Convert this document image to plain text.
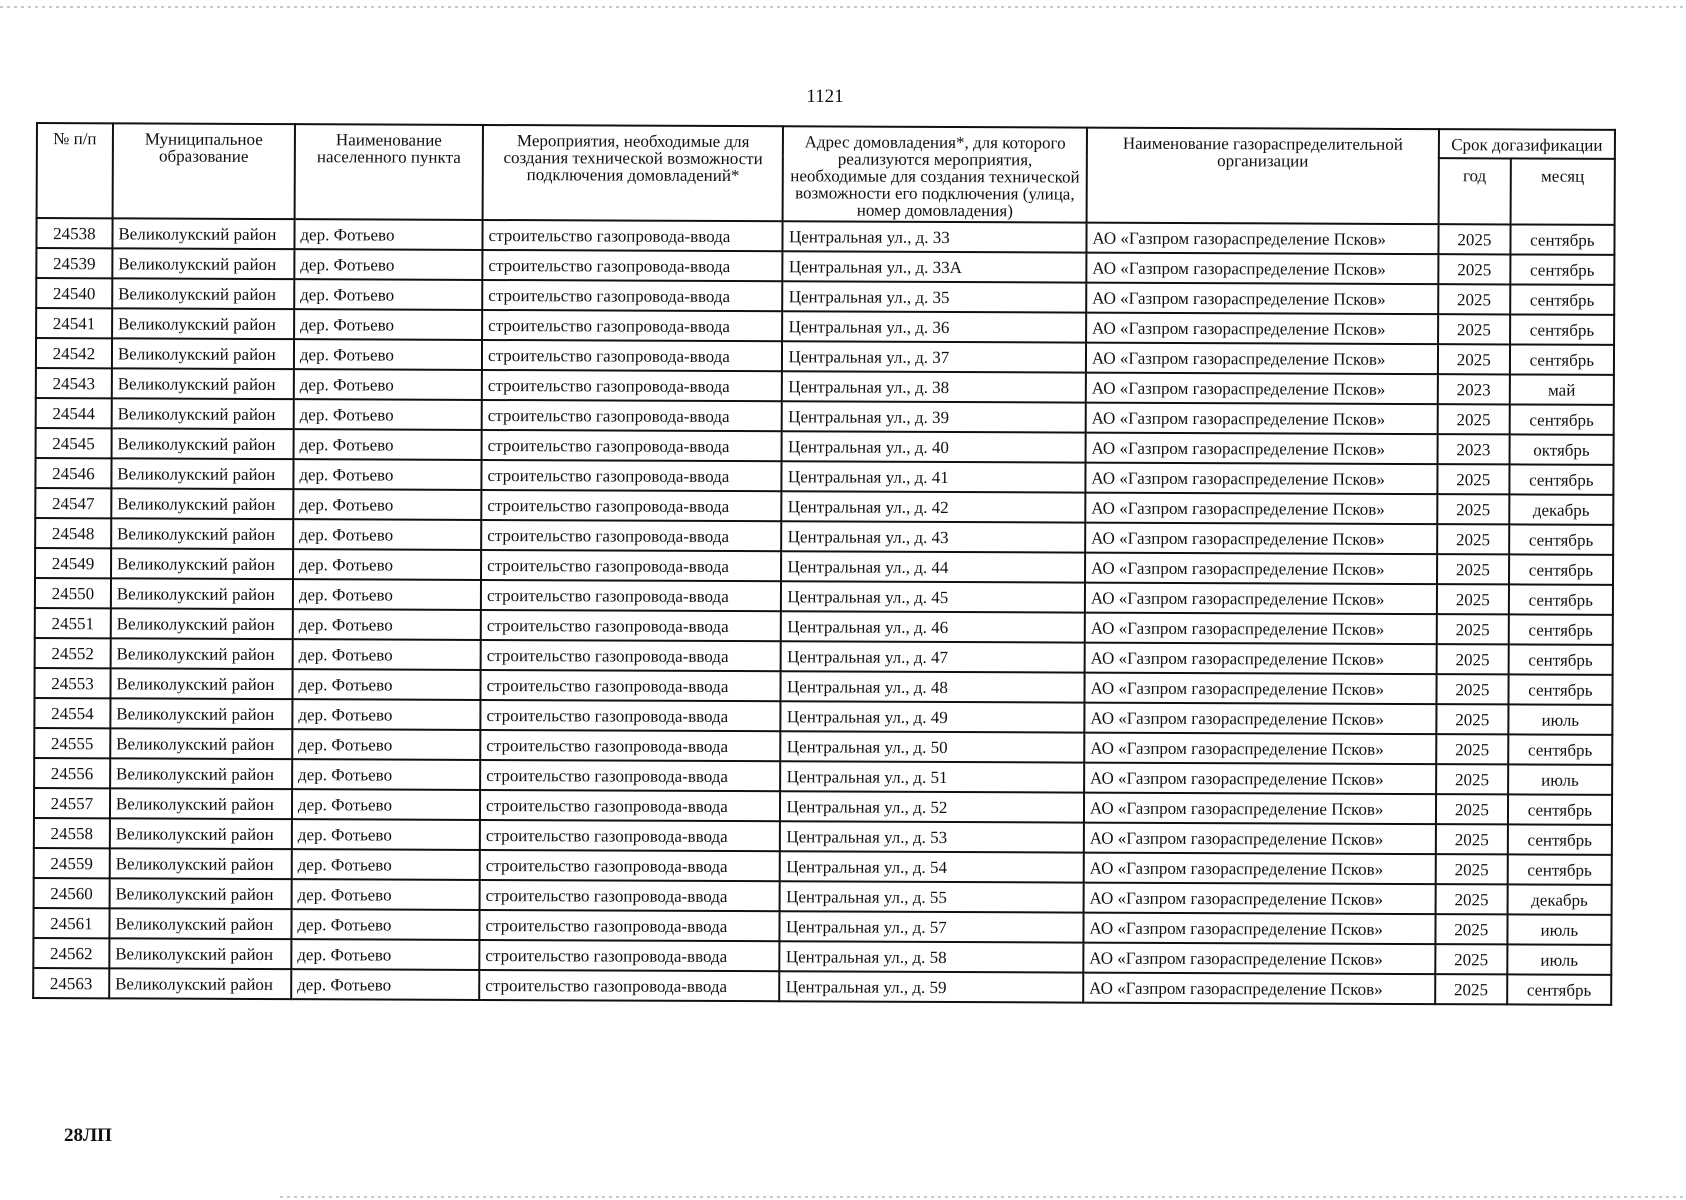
1121
№ п/п	Муниципальное образование	Наименование населенного пункта	Мероприятия, необходимые для создания технической возможности подключения домовладений*	Адрес домовладения*, для которого реализуются мероприятия, необходимые для создания технической возможности его подключения (улица, номер домовладения)	Наименование газораспределительной организации	Срок догазификации	
						год	месяц
24538	Великолукский район	дер. Фотьево	строительство газопровода-ввода	Центральная ул., д. 33	АО «Газпром газораспределение Псков»	2025	сентябрь
24539	Великолукский район	дер. Фотьево	строительство газопровода-ввода	Центральная ул., д. 33А	АО «Газпром газораспределение Псков»	2025	сентябрь
24540	Великолукский район	дер. Фотьево	строительство газопровода-ввода	Центральная ул., д. 35	АО «Газпром газораспределение Псков»	2025	сентябрь
24541	Великолукский район	дер. Фотьево	строительство газопровода-ввода	Центральная ул., д. 36	АО «Газпром газораспределение Псков»	2025	сентябрь
24542	Великолукский район	дер. Фотьево	строительство газопровода-ввода	Центральная ул., д. 37	АО «Газпром газораспределение Псков»	2025	сентябрь
24543	Великолукский район	дер. Фотьево	строительство газопровода-ввода	Центральная ул., д. 38	АО «Газпром газораспределение Псков»	2023	май
24544	Великолукский район	дер. Фотьево	строительство газопровода-ввода	Центральная ул., д. 39	АО «Газпром газораспределение Псков»	2025	сентябрь
24545	Великолукский район	дер. Фотьево	строительство газопровода-ввода	Центральная ул., д. 40	АО «Газпром газораспределение Псков»	2023	октябрь
24546	Великолукский район	дер. Фотьево	строительство газопровода-ввода	Центральная ул., д. 41	АО «Газпром газораспределение Псков»	2025	сентябрь
24547	Великолукский район	дер. Фотьево	строительство газопровода-ввода	Центральная ул., д. 42	АО «Газпром газораспределение Псков»	2025	декабрь
24548	Великолукский район	дер. Фотьево	строительство газопровода-ввода	Центральная ул., д. 43	АО «Газпром газораспределение Псков»	2025	сентябрь
24549	Великолукский район	дер. Фотьево	строительство газопровода-ввода	Центральная ул., д. 44	АО «Газпром газораспределение Псков»	2025	сентябрь
24550	Великолукский район	дер. Фотьево	строительство газопровода-ввода	Центральная ул., д. 45	АО «Газпром газораспределение Псков»	2025	сентябрь
24551	Великолукский район	дер. Фотьево	строительство газопровода-ввода	Центральная ул., д. 46	АО «Газпром газораспределение Псков»	2025	сентябрь
24552	Великолукский район	дер. Фотьево	строительство газопровода-ввода	Центральная ул., д. 47	АО «Газпром газораспределение Псков»	2025	сентябрь
24553	Великолукский район	дер. Фотьево	строительство газопровода-ввода	Центральная ул., д. 48	АО «Газпром газораспределение Псков»	2025	сентябрь
24554	Великолукский район	дер. Фотьево	строительство газопровода-ввода	Центральная ул., д. 49	АО «Газпром газораспределение Псков»	2025	июль
24555	Великолукский район	дер. Фотьево	строительство газопровода-ввода	Центральная ул., д. 50	АО «Газпром газораспределение Псков»	2025	сентябрь
24556	Великолукский район	дер. Фотьево	строительство газопровода-ввода	Центральная ул., д. 51	АО «Газпром газораспределение Псков»	2025	июль
24557	Великолукский район	дер. Фотьево	строительство газопровода-ввода	Центральная ул., д. 52	АО «Газпром газораспределение Псков»	2025	сентябрь
24558	Великолукский район	дер. Фотьево	строительство газопровода-ввода	Центральная ул., д. 53	АО «Газпром газораспределение Псков»	2025	сентябрь
24559	Великолукский район	дер. Фотьево	строительство газопровода-ввода	Центральная ул., д. 54	АО «Газпром газораспределение Псков»	2025	сентябрь
24560	Великолукский район	дер. Фотьево	строительство газопровода-ввода	Центральная ул., д. 55	АО «Газпром газораспределение Псков»	2025	декабрь
24561	Великолукский район	дер. Фотьево	строительство газопровода-ввода	Центральная ул., д. 57	АО «Газпром газораспределение Псков»	2025	июль
24562	Великолукский район	дер. Фотьево	строительство газопровода-ввода	Центральная ул., д. 58	АО «Газпром газораспределение Псков»	2025	июль
24563	Великолукский район	дер. Фотьево	строительство газопровода-ввода	Центральная ул., д. 59	АО «Газпром газораспределение Псков»	2025	сентябрь
28ЛП
